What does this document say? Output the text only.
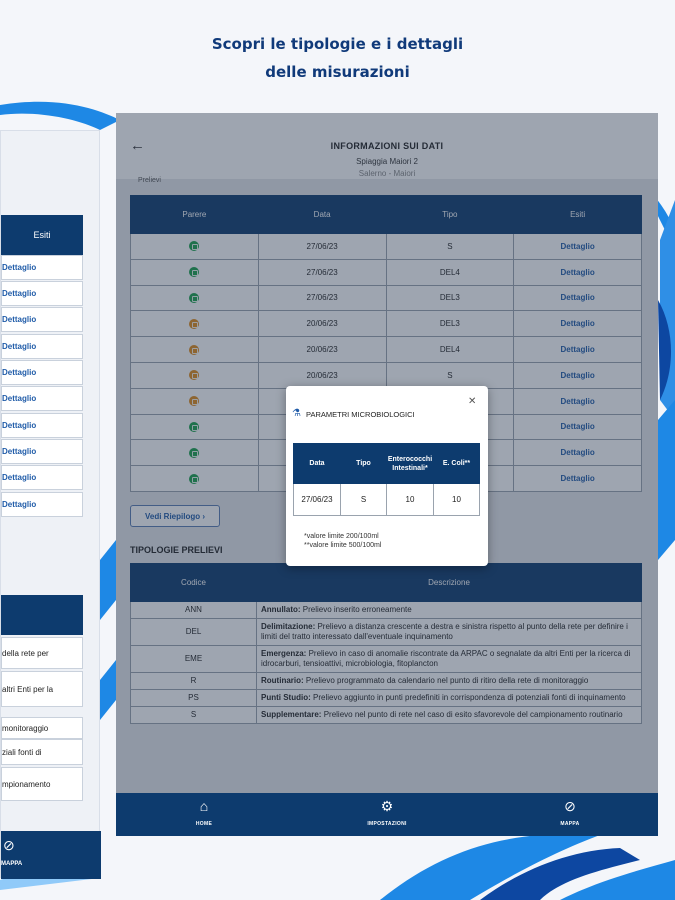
Scopri le tipologie e i dettagli
delle misurazioni
Esiti
Dettaglio
Dettaglio
Dettaglio
Dettaglio
Dettaglio
Dettaglio
Dettaglio
Dettaglio
Dettaglio
Dettaglio
della rete per
altri Enti per la
monitoraggio
ziali fonti di
mpionamento
⊘
MAPPA
←	INFORMAZIONI SUI DATI
Spiaggia Maiori 2
Salerno - Maiori
Prelievi
Parere	Data	Tipo	Esiti
	27/06/23	S	Dettaglio
	27/06/23	DEL4	Dettaglio
	27/06/23	DEL3	Dettaglio
	20/06/23	DEL3	Dettaglio
	20/06/23	DEL4	Dettaglio
	20/06/23	S	Dettaglio
			Dettaglio
			Dettaglio
			Dettaglio
			Dettaglio
Vedi Riepilogo ›
TIPOLOGIE PRELIEVI
Codice	Descrizione
ANN	Annullato: Prelievo inserito erroneamente
DEL	Delimitazione: Prelievo a distanza crescente a destra e sinistra rispetto al punto della rete per definire i limiti del tratto interessato dall'eventuale inquinamento
EME	Emergenza: Prelievo in caso di anomalie riscontrate da ARPAC o segnalate da altri Enti per la ricerca di idrocarburi, tensioattivi, microbiologia, fitoplancton
R	Routinario: Prelievo programmato da calendario nel punto di ritiro della rete di monitoraggio
PS	Punti Studio: Prelievo aggiunto in punti predefiniti in corrispondenza di potenziali fonti di inquinamento
S	Supplementare: Prelievo nel punto di rete nel caso di esito sfavorevole del campionamento routinario
⌂
HOME
⚙
IMPOSTAZIONI
⊘
MAPPA
⚗ PARAMETRI MICROBIOLOGICI
✕
Data	Tipo	Enterococchi Intestinali*	E. Coli**
27/06/23	S	10	10
*valore limite 200/100ml
**valore limite 500/100ml
